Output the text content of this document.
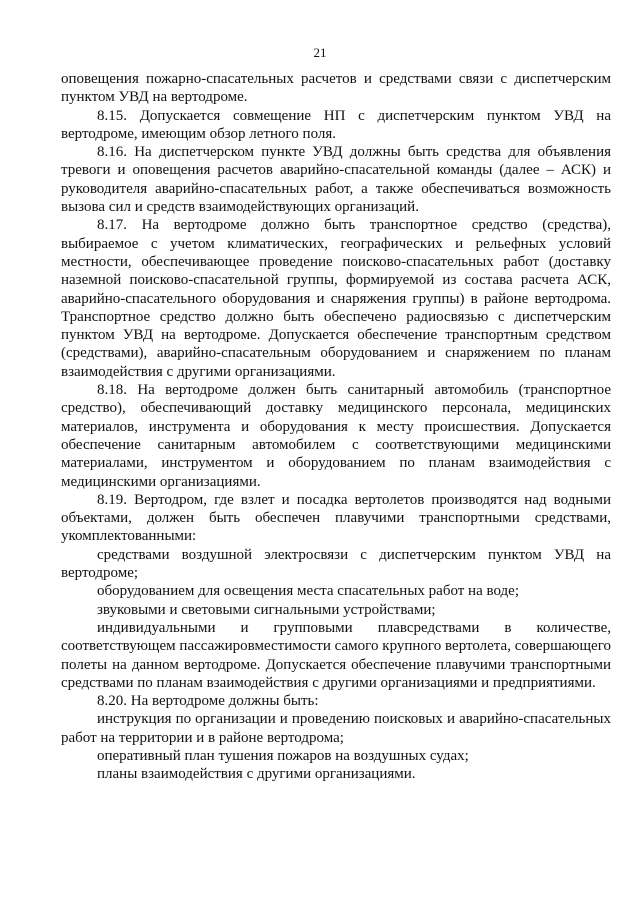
21

оповещения пожарно-спасательных расчетов и средствами связи с диспетчерским пунктом УВД на вертодроме.

8.15. Допускается совмещение НП с диспетчерским пунктом УВД на вертодроме, имеющим обзор летного поля.

8.16. На диспетчерском пункте УВД должны быть средства для объявления тревоги и оповещения расчетов аварийно-спасательной команды (далее – АСК) и руководителя аварийно-спасательных работ, а также обеспечиваться возможность вызова сил и средств взаимодействующих организаций.

8.17. На вертодроме должно быть транспортное средство (средства), выбираемое с учетом климатических, географических и рельефных условий местности, обеспечивающее проведение поисково-спасательных работ (доставку наземной поисково-спасательной группы, формируемой из состава расчета АСК, аварийно-спасательного оборудования и снаряжения группы) в районе вертодрома. Транспортное средство должно быть обеспечено радиосвязью с диспетчерским пунктом УВД на вертодроме. Допускается обеспечение транспортным средством (средствами), аварийно-спасательным оборудованием и снаряжением по планам взаимодействия с другими организациями.

8.18. На вертодроме должен быть санитарный автомобиль (транспортное средство), обеспечивающий доставку медицинского персонала, медицинских материалов, инструмента и оборудования к месту происшествия. Допускается обеспечение санитарным автомобилем с соответствующими медицинскими материалами, инструментом и оборудованием по планам взаимодействия с медицинскими организациями.

8.19. Вертодром, где взлет и посадка вертолетов производятся над водными объектами, должен быть обеспечен плавучими транспортными средствами, укомплектованными:

средствами воздушной электросвязи с диспетчерским пунктом УВД на вертодроме;

оборудованием для освещения места спасательных работ на воде;

звуковыми и световыми сигнальными устройствами;

индивидуальными и групповыми плавсредствами в количестве, соответствующем пассажировместимости самого крупного вертолета, совершающего полеты на данном вертодроме. Допускается обеспечение плавучими транспортными средствами по планам взаимодействия с другими организациями и предприятиями.

8.20. На вертодроме должны быть:

инструкция по организации и проведению поисковых и аварийно-спасательных работ на территории и в районе вертодрома;

оперативный план тушения пожаров на воздушных судах;

планы взаимодействия с другими организациями.
